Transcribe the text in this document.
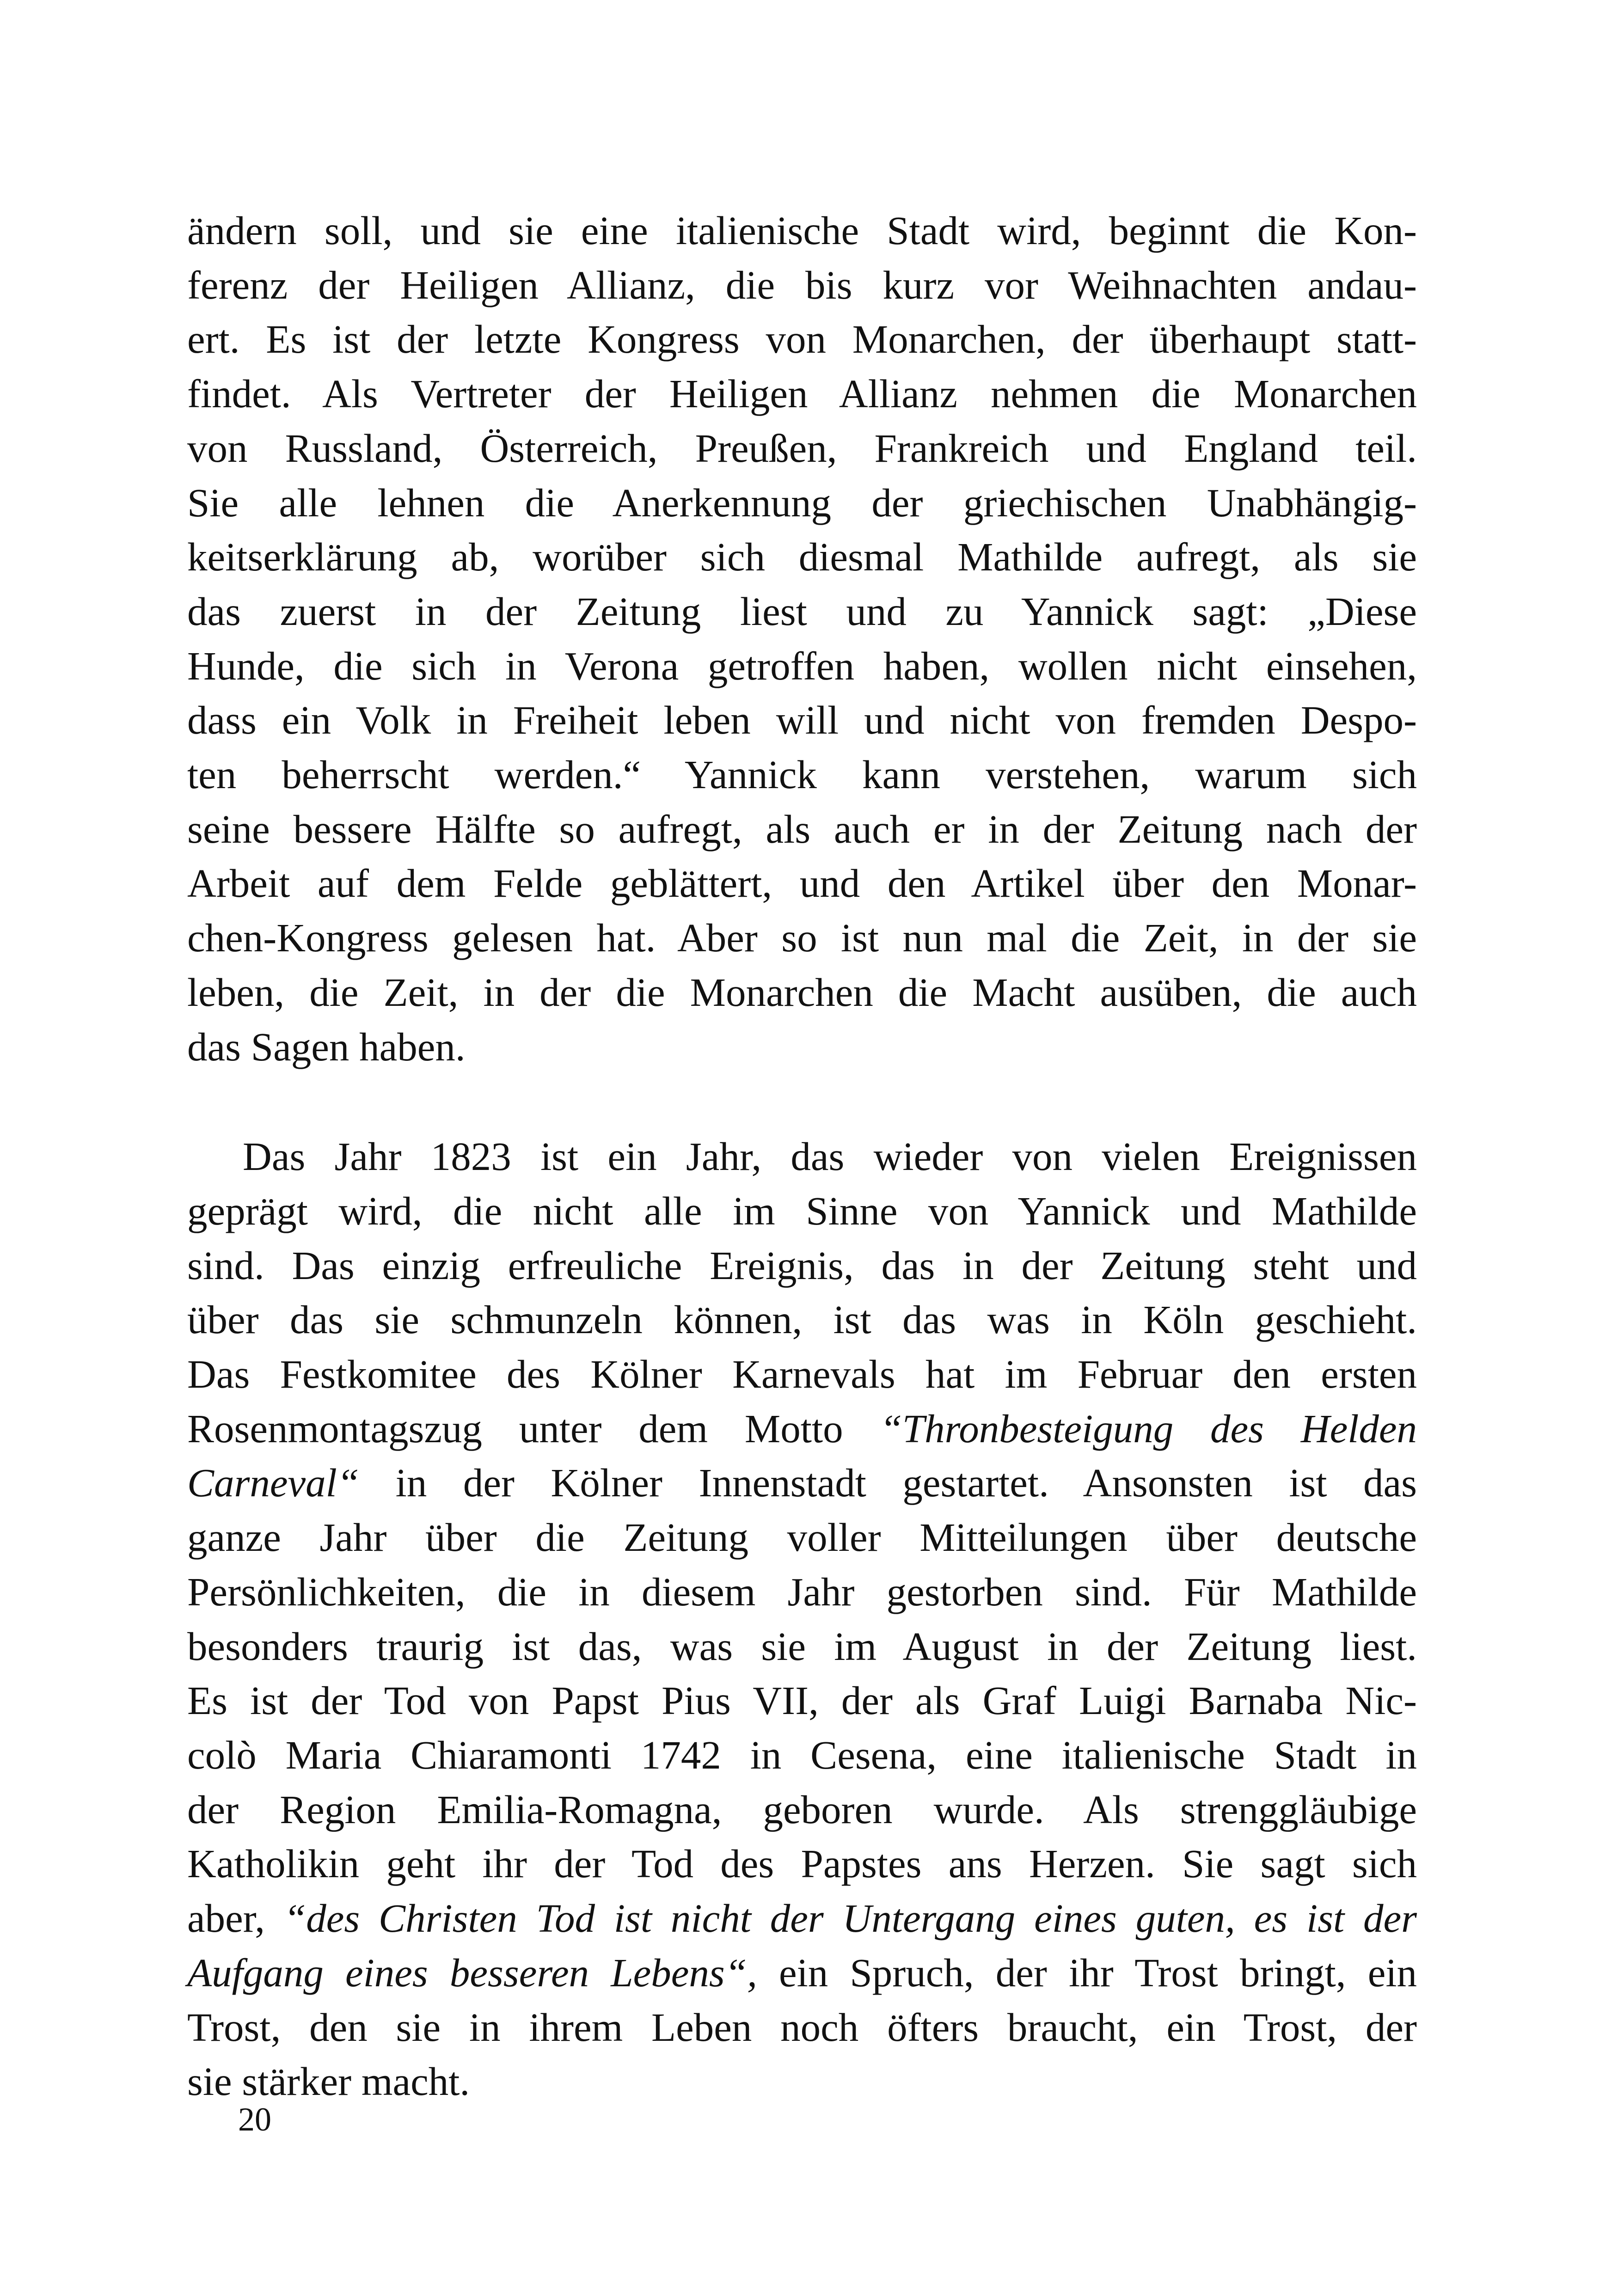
ändern soll, und sie eine italienische Stadt wird, beginnt die Kon-
ferenz der Heiligen Allianz, die bis kurz vor Weihnachten andau-
ert. Es ist der letzte Kongress von Monarchen, der überhaupt statt-
findet. Als Vertreter der Heiligen Allianz nehmen die Monarchen
von Russland, Österreich, Preußen, Frankreich und England teil.
Sie alle lehnen die Anerkennung der griechischen Unabhängig-
keitserklärung ab, worüber sich diesmal Mathilde aufregt, als sie
das zuerst in der Zeitung liest und zu Yannick sagt: „Diese
Hunde, die sich in Verona getroffen haben, wollen nicht einsehen,
dass ein Volk in Freiheit leben will und nicht von fremden Despo-
ten beherrscht werden.“ Yannick kann verstehen, warum sich
seine bessere Hälfte so aufregt, als auch er in der Zeitung nach der
Arbeit auf dem Felde geblättert, und den Artikel über den Monar-
chen-Kongress gelesen hat. Aber so ist nun mal die Zeit, in der sie
leben, die Zeit, in der die Monarchen die Macht ausüben, die auch
das Sagen haben.
Das Jahr 1823 ist ein Jahr, das wieder von vielen Ereignissen
geprägt wird, die nicht alle im Sinne von Yannick und Mathilde
sind. Das einzig erfreuliche Ereignis, das in der Zeitung steht und
über das sie schmunzeln können, ist das was in Köln geschieht.
Das Festkomitee des Kölner Karnevals hat im Februar den ersten
Rosenmontagszug unter dem Motto “Thronbesteigung des Helden
Carneval“ in der Kölner Innenstadt gestartet. Ansonsten ist das
ganze Jahr über die Zeitung voller Mitteilungen über deutsche
Persönlichkeiten, die in diesem Jahr gestorben sind. Für Mathilde
besonders traurig ist das, was sie im August in der Zeitung liest.
Es ist der Tod von Papst Pius VII, der als Graf Luigi Barnaba Nic-
colò Maria Chiaramonti 1742 in Cesena, eine italienische Stadt in
der Region Emilia-Romagna, geboren wurde. Als strenggläubige
Katholikin geht ihr der Tod des Papstes ans Herzen. Sie sagt sich
aber, “des Christen Tod ist nicht der Untergang eines guten, es ist der
Aufgang eines besseren Lebens“, ein Spruch, der ihr Trost bringt, ein
Trost, den sie in ihrem Leben noch öfters braucht, ein Trost, der
sie stärker macht.
20
